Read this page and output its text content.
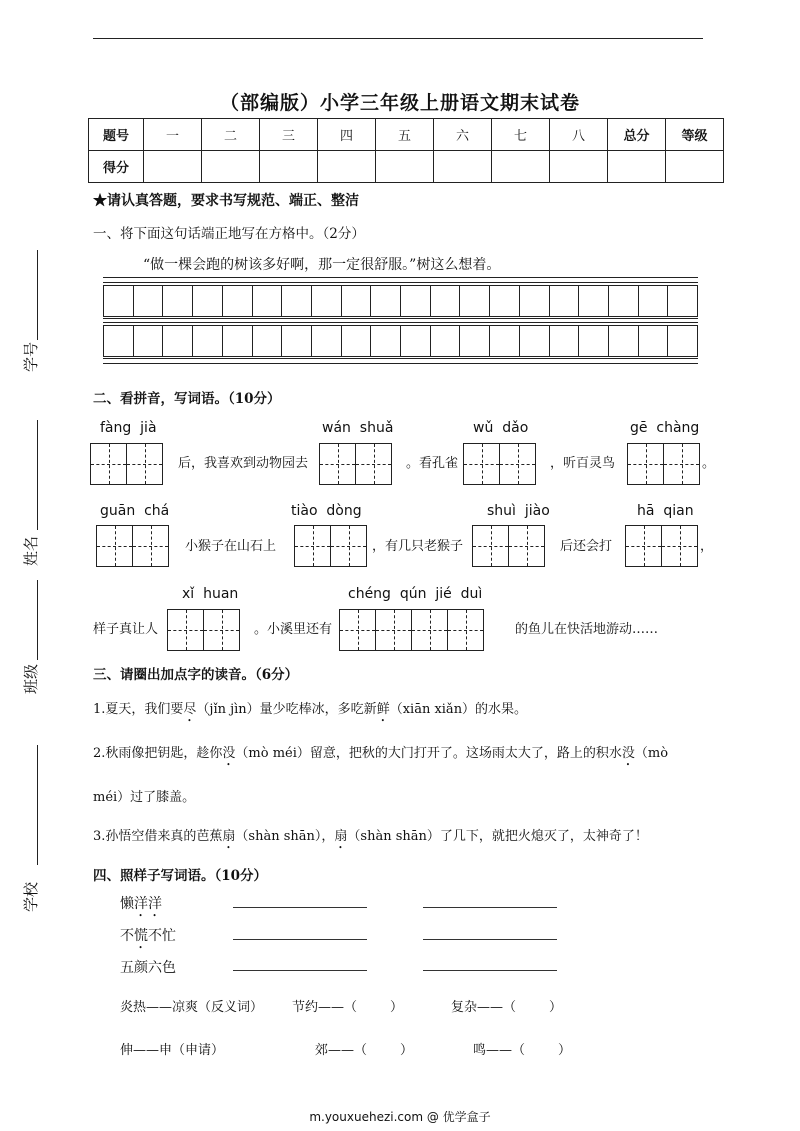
（部编版）小学三年级上册语文期末试卷
题号	一	二	三	四	五	六	七	八	总分	等级
得分										
学号
姓名
班级
学校
★请认真答题，要求书写规范、端正、整洁
一、将下面这句话端正地写在方格中。（2分）
“做一棵会跑的树该多好啊，那一定很舒服。”树这么想着。
二、看拼音，写词语。（10分）
fàng  jià
后，我喜欢到动物园去
wán  shuǎ
。看孔雀
wǔ  dǎo
，听百灵鸟
gē  chàng
。
guān  chá
小猴子在山石上
tiào  dòng
，有几只老猴子
shuì  jiào
后还会打
hā  qian
，
xǐ  huan
样子真让人	。小溪里还有
chéng  qún  jié  duì
的鱼儿在快活地游动……
三、请圈出加点字的读音。（6分）
1.夏天，我们要尽（jǐn jìn）量少吃棒冰，多吃新鲜（xiān xiǎn）的水果。
2.秋雨像把钥匙，趁你没（mò méi）留意，把秋的大门打开了。这场雨太大了，路上的积水没（mò
méi）过了膝盖。
3.孙悟空借来真的芭蕉扇（shàn shān），扇（shàn shān）了几下，就把火熄灭了，太神奇了！
四、照样子写词语。（10分）
懒洋洋
不慌不忙
五颜六色
炎热——凉爽（反义词） 节约——（        ）	复杂——（        ）
伸——申（申请）	郊——（        ）	鸣——（        ）
m.youxuehezi.com @ 优学盒子
